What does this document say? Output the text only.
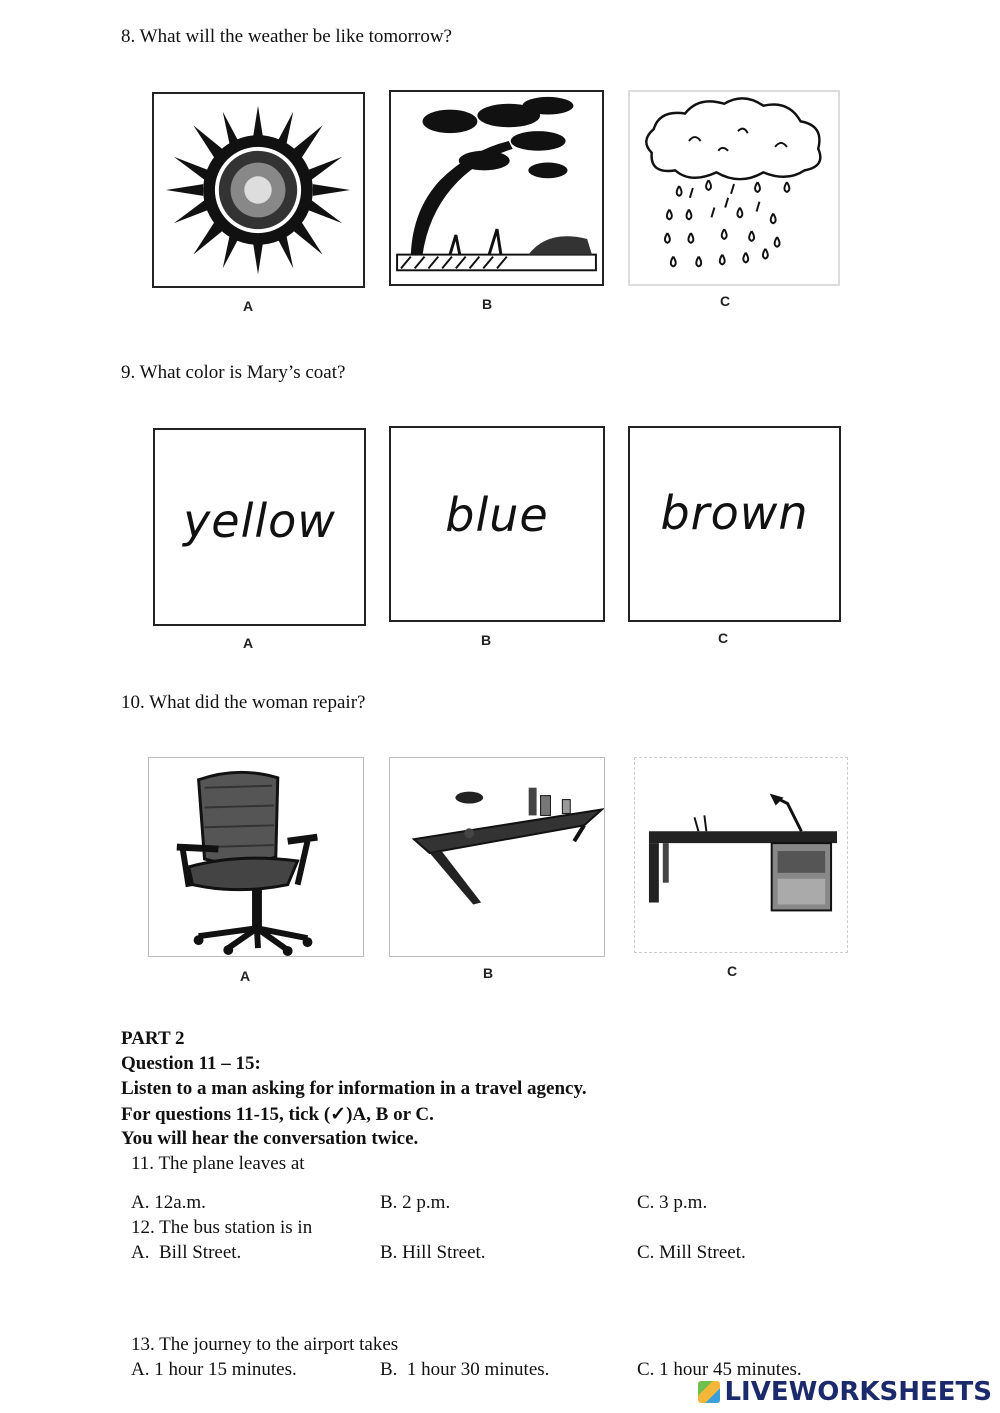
8. What will the weather be like tomorrow?
A	B	C
9. What color is Mary’s coat?
yellow
A
blue
B
brown
C
10. What did the woman repair?
A	B	C
PART 2
Question 11 – 15:
Listen to a man asking for information in a travel agency.
For questions 11-15, tick (✓)A, B or C.
You will hear the conversation twice.
11. The plane leaves at
A. 12a.m.	B. 2 p.m.	C. 3 p.m.
12. The bus station is in
A.  Bill Street.	B. Hill Street.	C. Mill Street.
13. The journey to the airport takes
A. 1 hour 15 minutes.	B.  1 hour 30 minutes.	C. 1 hour 45 minutes.
LIVEWORKSHEETS
